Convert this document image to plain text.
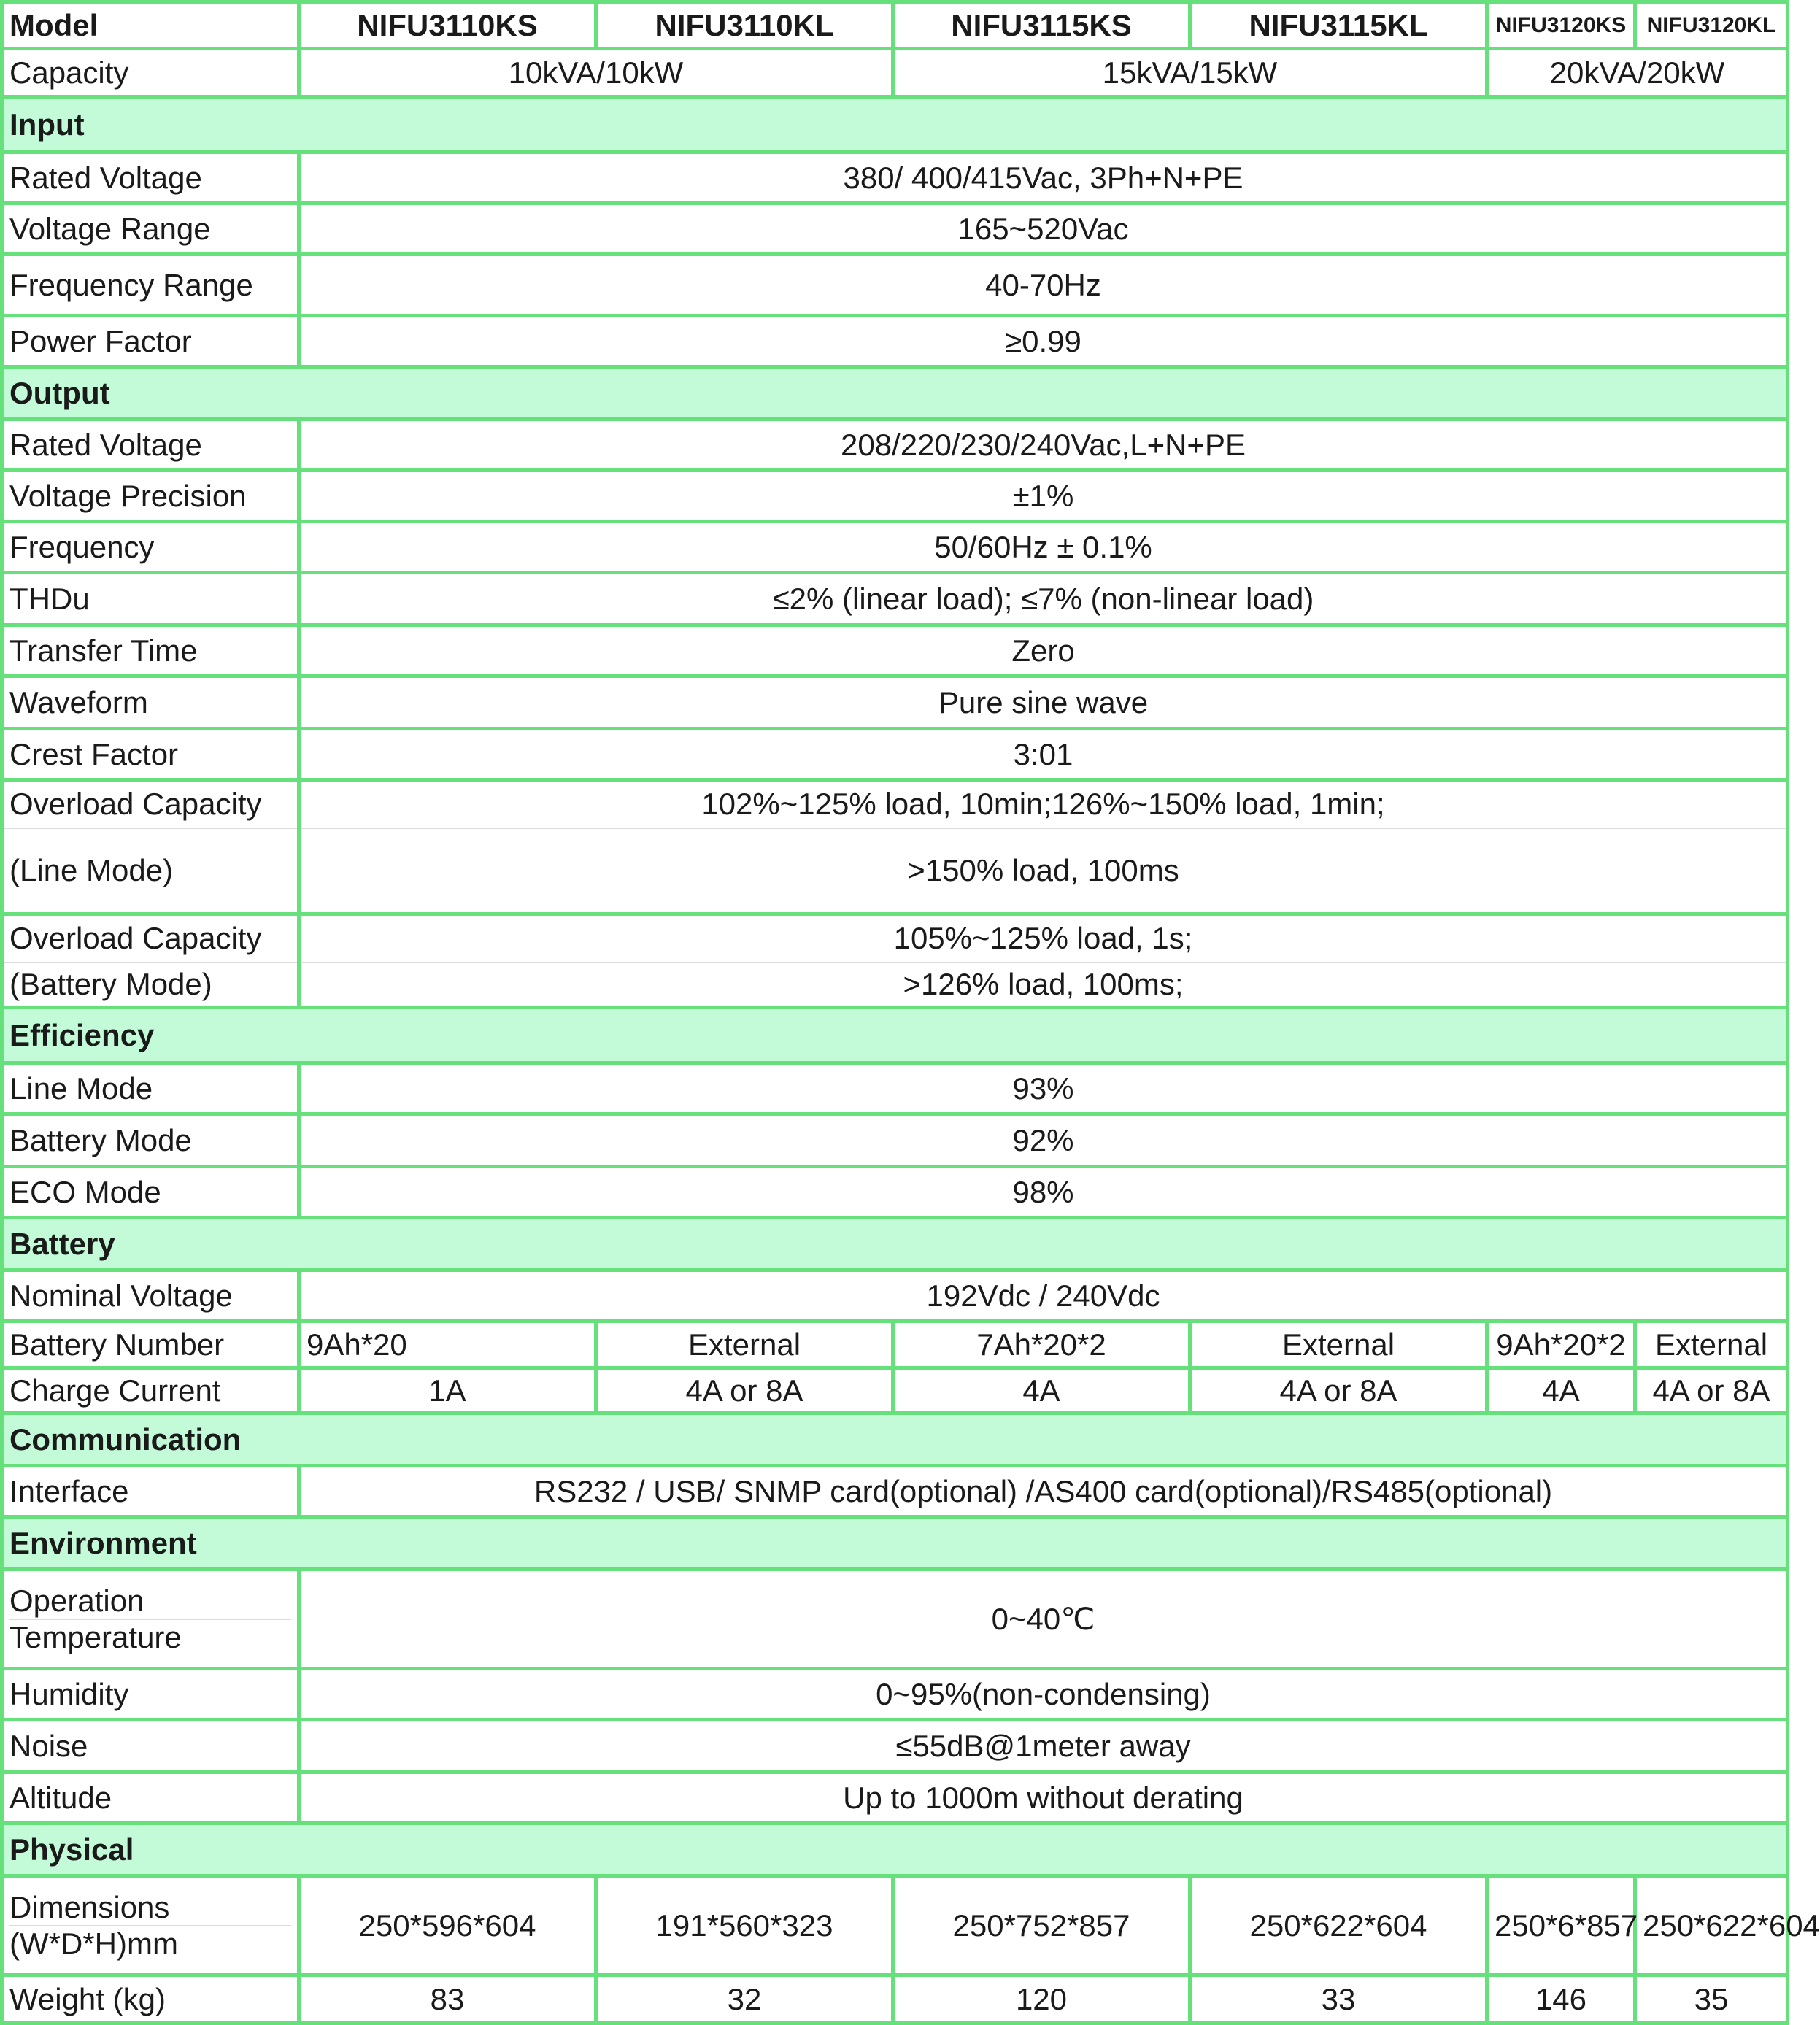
Model	NIFU3110KS	NIFU3110KL	NIFU3115KS	NIFU3115KL	NIFU3120KS	NIFU3120KL
Capacity	10kVA/10kW		15kVA/15kW		20kVA/20kW	
Input						
Rated Voltage	380/ 400/415Vac, 3Ph+N+PE					
Voltage Range	165~520Vac					
Frequency Range	40-70Hz					
Power Factor	≥0.99					
Output						
Rated Voltage	208/220/230/240Vac,L+N+PE					
Voltage Precision	±1%					
Frequency	50/60Hz ± 0.1%					
THDu	≤2% (linear load); ≤7% (non-linear load)					
Transfer Time	Zero					
Waveform	Pure sine wave					
Crest Factor	3:01					
Overload Capacity	102%~125% load, 10min;126%~150% load, 1min;					
(Line Mode)	>150% load, 100ms					
Overload Capacity	105%~125% load, 1s;					
(Battery Mode)	>126% load, 100ms;					
Efficiency						
Line Mode	93%					
Battery Mode	92%					
ECO Mode	98%					
Battery						
Nominal Voltage	192Vdc / 240Vdc					
Battery Number	9Ah*20	External	7Ah*20*2	External	9Ah*20*2	External
Charge Current	1A	4A or 8A	4A	4A or 8A	4A	4A or 8A
Communication						
Interface	RS232 / USB/ SNMP card(optional) /AS400 card(optional)/RS485(optional)					
Environment						

Operation
Temperature	0~40℃					
Humidity	0~95%(non-condensing)					
Noise	≤55dB@1meter away					
Altitude	Up to 1000m without derating					
Physical						

Dimensions
(W*D*H)mm	250*596*604	191*560*323	250*752*857	250*622*604	250*6*857	250*622*604
Weight (kg)	83	32	120	33	146	35
